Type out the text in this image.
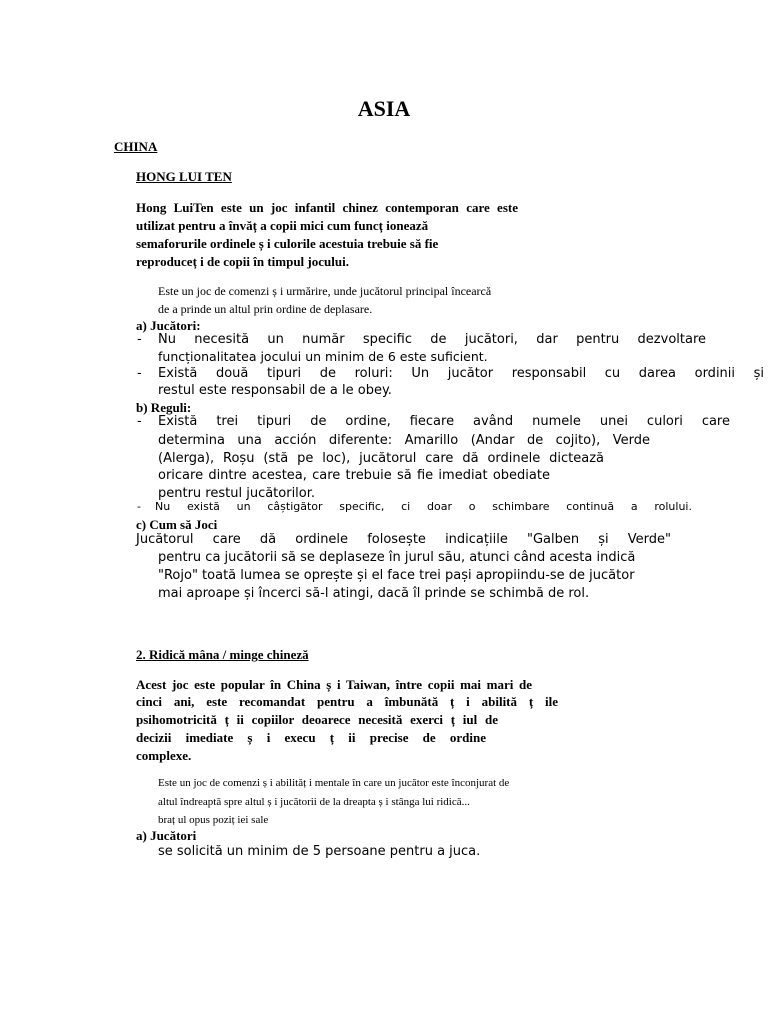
ASIA
CHINA
HONG LUI TEN
Hong LuiTen este un joc infantil chinez contemporan care este
utilizat pentru a învăț a copii mici cum funcț ionează
semaforurile ordinele ș i culorile acestuia trebuie să fie
reproduceț i de copii în timpul jocului.
Este un joc de comenzi ș i urmărire, unde jucătorul principal încearcă
de a prinde un altul prin ordine de deplasare.
a) Jucători:
- Nu necesită un număr specific de jucători, dar pentru dezvoltare
funcționalitatea jocului un minim de 6 este suficient.
- Există două tipuri de roluri: Un jucător responsabil cu darea ordinii și
restul este responsabil de a le obey.
b) Reguli:
- Există trei tipuri de ordine, fiecare având numele unei culori care
determina una acción diferente: Amarillo (Andar de cojito), Verde
(Alerga), Roșu (stă pe loc), jucătorul care dă ordinele dictează
oricare dintre acestea, care trebuie să fie imediat obediate
pentru restul jucătorilor.
- Nu există un câștigător specific, ci doar o schimbare continuă a rolului.
c) Cum să Joci
Jucătorul care dă ordinele folosește indicațiile "Galben și Verde"
pentru ca jucătorii să se deplaseze în jurul său, atunci când acesta indică
"Rojo" toată lumea se oprește și el face trei pași apropiindu-se de jucător
mai aproape și încerci să-l atingi, dacă îl prinde se schimbă de rol.
2. Ridică mâna / minge chineză
Acest joc este popular în China ș i Taiwan, între copii mai mari de
cinci ani, este recomandat pentru a îmbunătă ț i abilită ț ile
psihomotricită ț ii copiilor deoarece necesită exerci ț iul de
decizii imediate ș i execu ț ii precise de ordine
complexe.
Este un joc de comenzi ș i abilităț i mentale în care un jucător este înconjurat de
altul îndreaptă spre altul ș i jucătorii de la dreapta ș i stânga lui ridică...
braț ul opus poziț iei sale
a) Jucători
se solicită un minim de 5 persoane pentru a juca.
